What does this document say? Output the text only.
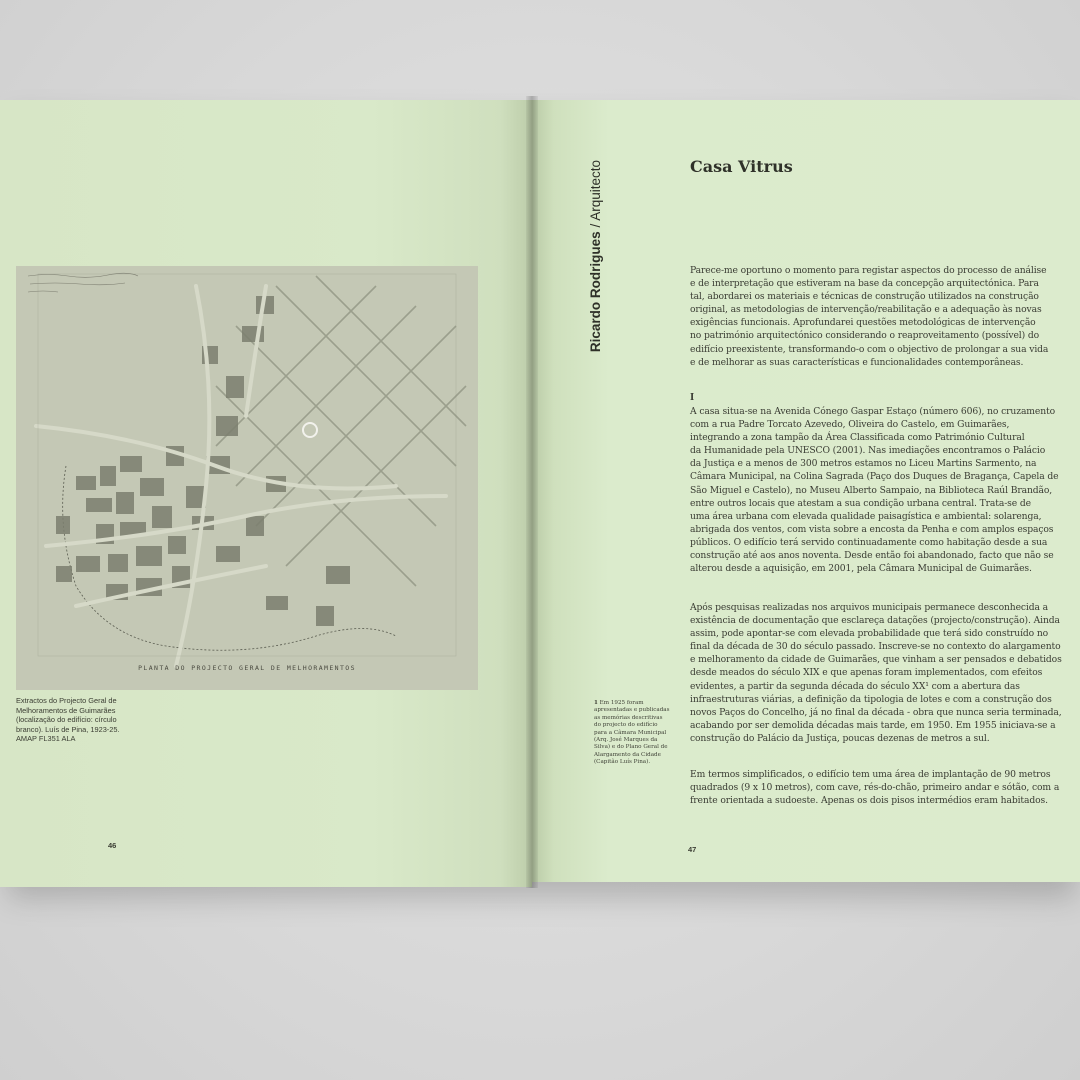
PLANTA DO PROJECTO GERAL DE MELHORAMENTOS
Extractos do Projecto Geral de
Melhoramentos de Guimarães
(localização do edifício: círculo
branco). Luís de Pina, 1923-25.
AMAP FL351 ALA
46
Ricardo Rodrigues / Arquitecto	Casa Vitrus
Parece-me oportuno o momento para registar aspectos do processo de análise
e de interpretação que estiveram na base da concepção arquitectónica. Para
tal, abordarei os materiais e técnicas de construção utilizados na construção
original, as metodologias de intervenção/reabilitação e a adequação às novas
exigências funcionais. Aprofundarei questões metodológicas de intervenção
no património arquitectónico considerando o reaproveitamento (possível) do
edifício preexistente, transformando-o com o objectivo de prolongar a sua vida
e de melhorar as suas características e funcionalidades contemporâneas.
I
A casa situa-se na Avenida Cónego Gaspar Estaço (número 606), no cruzamento
com a rua Padre Torcato Azevedo, Oliveira do Castelo, em Guimarães,
integrando a zona tampão da Área Classificada como Património Cultural
da Humanidade pela UNESCO (2001). Nas imediações encontramos o Palácio
da Justiça e a menos de 300 metros estamos no Liceu Martins Sarmento, na
Câmara Municipal, na Colina Sagrada (Paço dos Duques de Bragança, Capela de
São Miguel e Castelo), no Museu Alberto Sampaio, na Biblioteca Raúl Brandão,
entre outros locais que atestam a sua condição urbana central. Trata-se de
uma área urbana com elevada qualidade paisagística e ambiental: solarenga,
abrigada dos ventos, com vista sobre a encosta da Penha e com amplos espaços
públicos. O edifício terá servido continuadamente como habitação desde a sua
construção até aos anos noventa. Desde então foi abandonado, facto que não se
alterou desde a aquisição, em 2001, pela Câmara Municipal de Guimarães.
Após pesquisas realizadas nos arquivos municipais permanece desconhecida a
existência de documentação que esclareça datações (projecto/construção). Ainda
assim, pode apontar-se com elevada probabilidade que terá sido construído no
final da década de 30 do século passado. Inscreve-se no contexto do alargamento
e melhoramento da cidade de Guimarães, que vinham a ser pensados e debatidos
desde meados do século XIX e que apenas foram implementados, com efeitos
evidentes, a partir da segunda década do século XX¹ com a abertura das
infraestruturas viárias, a definição da tipologia de lotes e com a construção dos
novos Paços do Concelho, já no final da década - obra que nunca seria terminada,
acabando por ser demolida décadas mais tarde, em 1950. Em 1955 iniciava-se a
construção do Palácio da Justiça, poucas dezenas de metros a sul.
Em termos simplificados, o edifício tem uma área de implantação de 90 metros
quadrados (9 x 10 metros), com cave, rés-do-chão, primeiro andar e sótão, com a
frente orientada a sudoeste. Apenas os dois pisos intermédios eram habitados.
1 Em 1925 foram
apresentadas e publicadas
as memórias descritivas
do projecto do edifício
para a Câmara Municipal
(Arq. José Marques da
Silva) e do Plano Geral de
Alargamento da Cidade
(Capitão Luís Pina).
47
